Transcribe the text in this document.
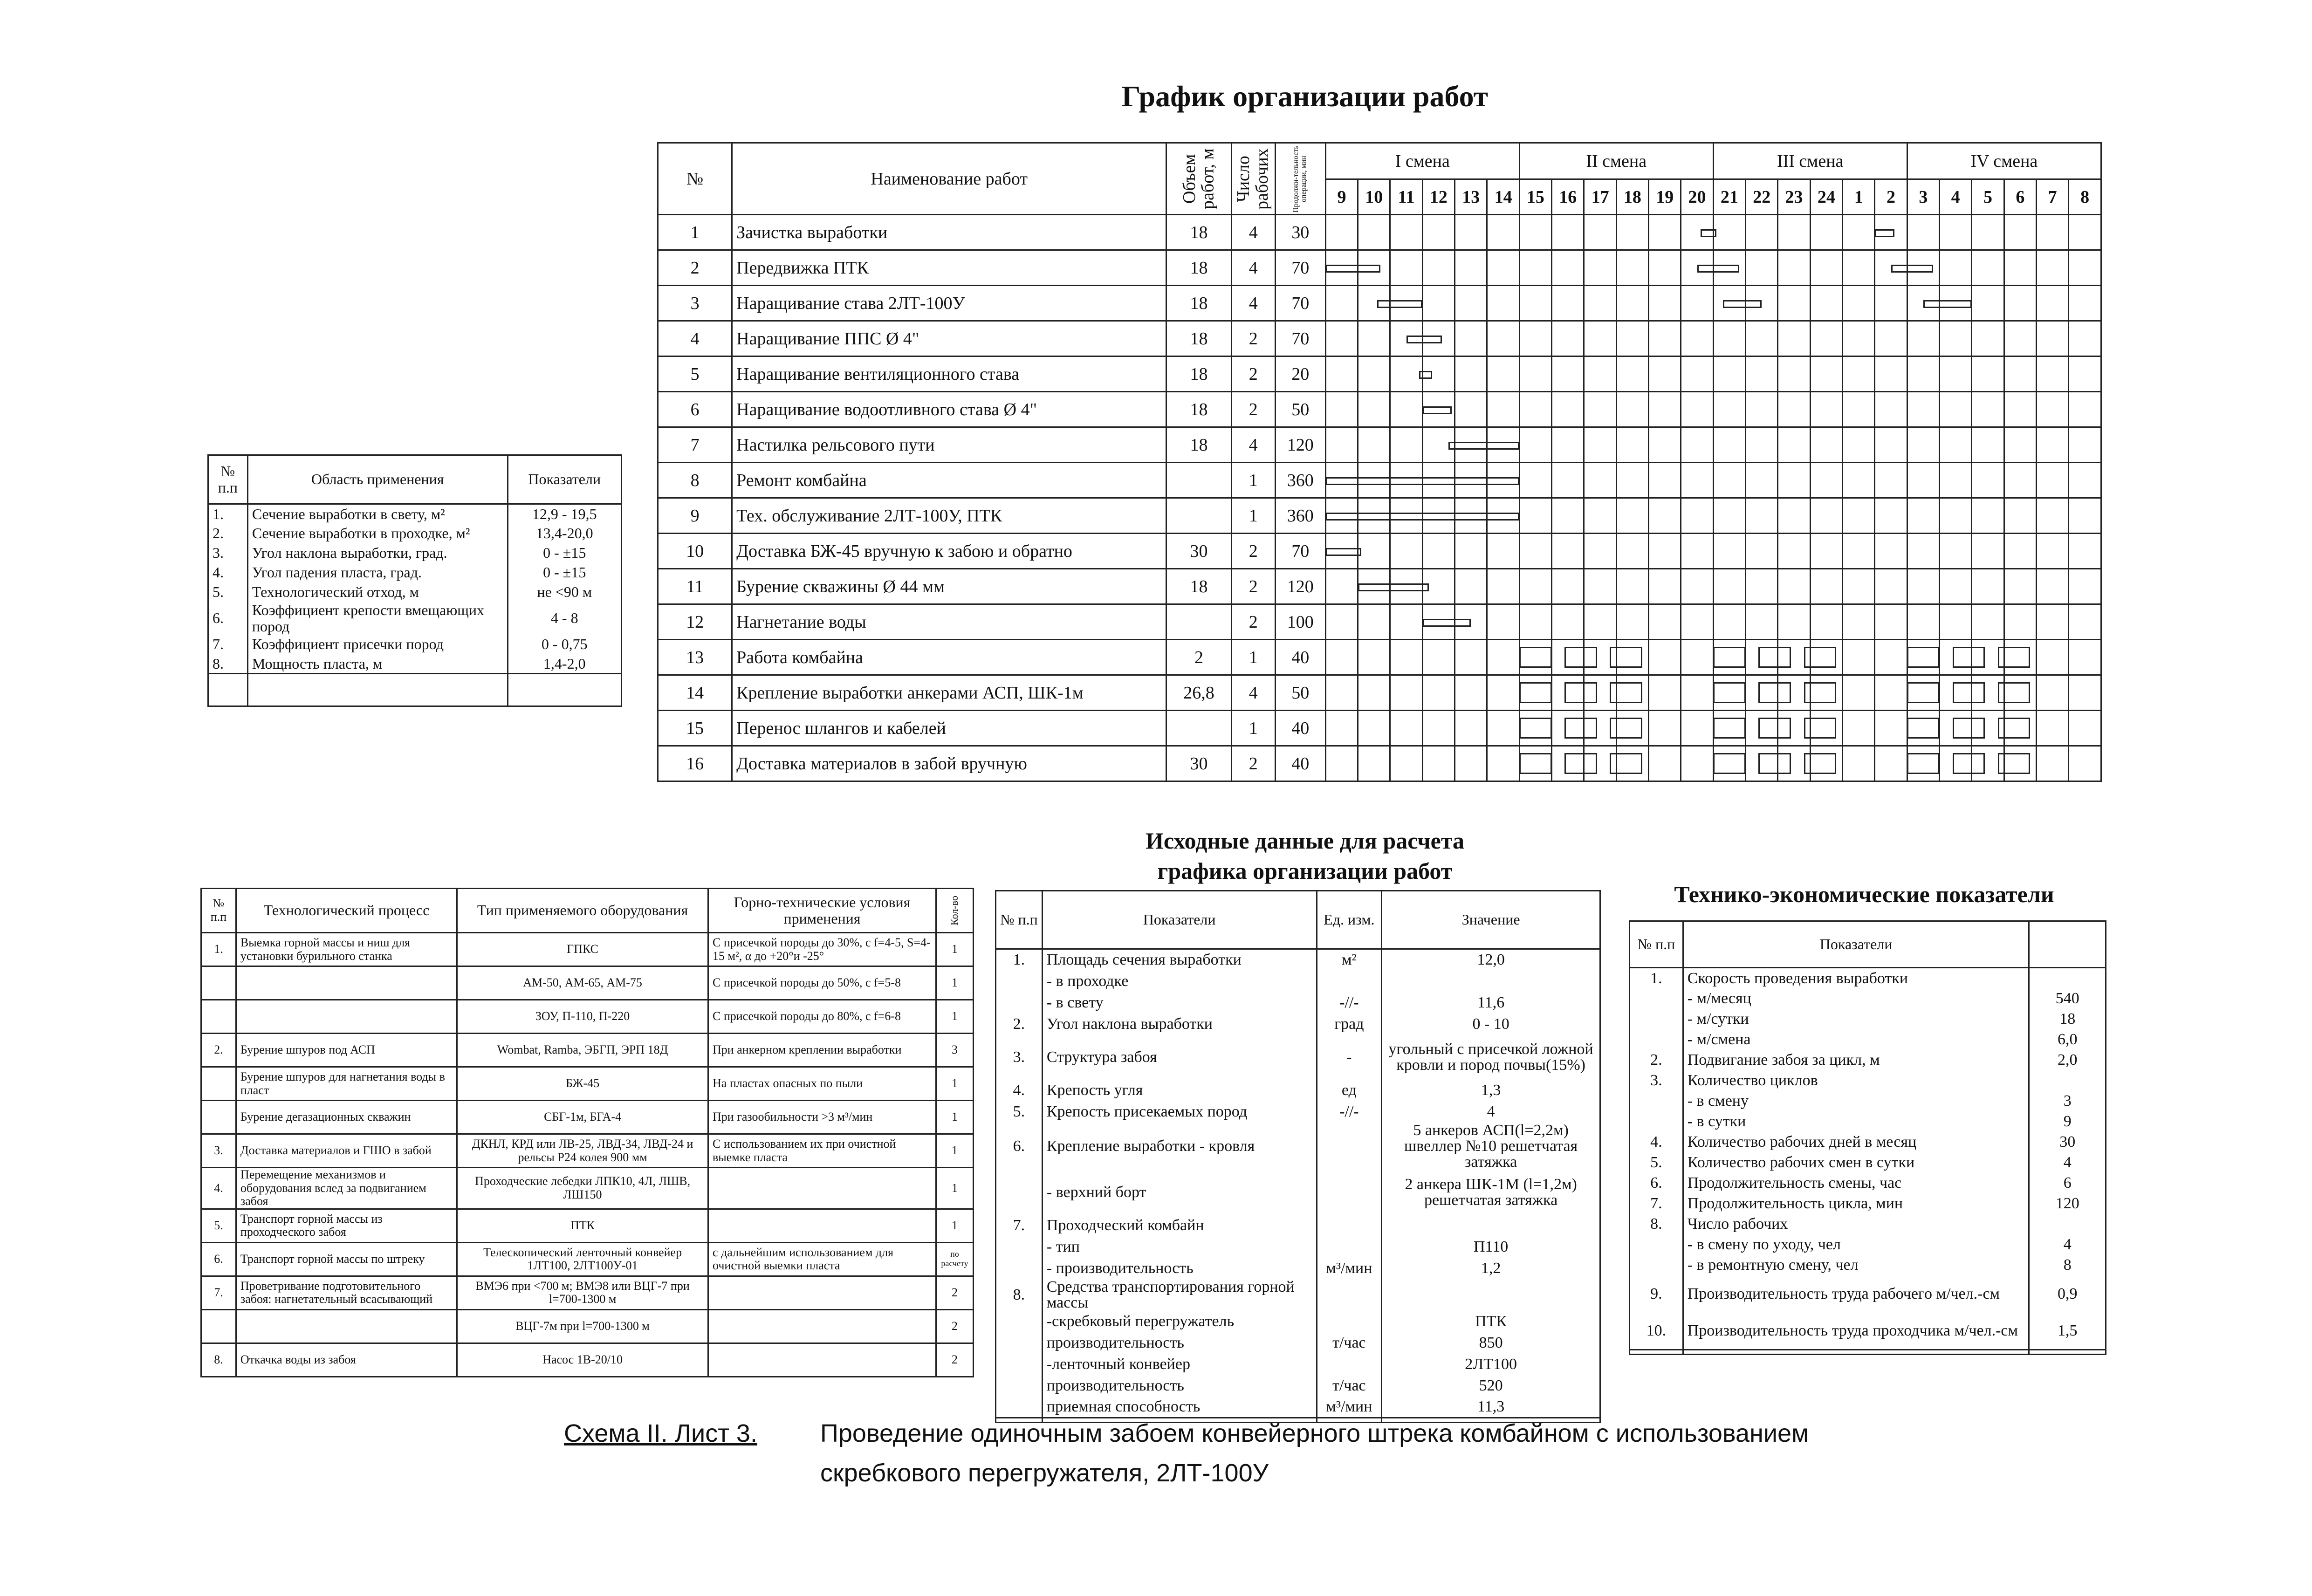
График организации работ
№	Наименование работ	Объем работ, м	Число рабочих	Продолжи-тельность операции, мин	I смена						II смена						III смена						IV смена					
					9	10	11	12	13	14	15	16	17	18	19	20	21	22	23	24	1	2	3	4	5	6	7	8
1	Зачистка выработки	18	4	30																								
2	Передвижка ПТК	18	4	70																								
3	Наращивание става 2ЛТ-100У	18	4	70																								
4	Наращивание ППС Ø 4"	18	2	70																								
5	Наращивание вентиляционного става	18	2	20																								
6	Наращивание водоотливного става Ø 4"	18	2	50																								
7	Настилка рельсового пути	18	4	120																								
8	Ремонт комбайна		1	360																								
9	Тех. обслуживание 2ЛТ-100У, ПТК		1	360																								
10	Доставка БЖ-45 вручную к забою и обратно	30	2	70																								
11	Бурение скважины Ø 44 мм	18	2	120																								
12	Нагнетание воды		2	100																								
13	Работа комбайна	2	1	40																								
14	Крепление выработки анкерами АСП, ШК-1м	26,8	4	50																								
15	Перенос шлангов и кабелей		1	40																								
16	Доставка материалов в забой вручную	30	2	40																								
№ п.п	Область применения	Показатели
1.	Сечение выработки в свету, м²	12,9 - 19,5
2.	Сечение выработки в проходке, м²	13,4-20,0
3.	Угол наклона выработки, град.	0 - ±15
4.	Угол падения пласта, град.	0 - ±15
5.	Технологический отход, м	не <90 м
6.	Коэффициент крепости вмещающих пород	4 - 8
7.	Коэффициент присечки пород	0 - 0,75
8.	Мощность пласта, м	1,4-2,0

Исходные данные для расчета
графика организации работ
№ п.п	Технологический процесс	Тип применяемого оборудования	Горно-технические условия применения	Кол-во
1.	Выемка горной массы и ниш для установки бурильного станка	ГПКС	С присечкой породы до 30%, с f=4-5, S=4-15 м², α до +20°и -25°	1
		АМ-50, АМ-65, АМ-75	С присечкой породы до 50%, с f=5-8	1
		ЗОУ, П-110, П-220	С присечкой породы до 80%, с f=6-8	1
2.	Бурение шпуров под АСП	Wombat, Ramba, ЭБГП, ЭРП 18Д	При анкерном креплении выработки	3
	Бурение шпуров для нагнетания воды в пласт	БЖ-45	На пластах опасных по пыли	1
	Бурение дегазационных скважин	СБГ-1м, БГА-4	При газообильности >3 м³/мин	1
3.	Доставка материалов и ГШО в забой	ДКНЛ, КРД или ЛВ-25, ЛВД-34, ЛВД-24 и рельсы Р24 колея 900 мм	С использованием их при очистной выемке пласта	1
4.	Перемещение механизмов и оборудования вслед за подвиганием забоя	Проходческие лебедки ЛПК10, 4Л, ЛШВ, ЛШ150		1
5.	Транспорт горной массы из проходческого забоя	ПТК		1
6.	Транспорт горной массы по штреку	Телескопический ленточный конвейер 1ЛТ100, 2ЛТ100У-01	с дальнейшим использованием для очистной выемки пласта	по расчету
7.	Проветривание подготовительного забоя: нагнетательный всасывающий	ВМЭ6 при <700 м; ВМЭ8 или ВЦГ-7 при l=700-1300 м		2
		ВЦГ-7м при l=700-1300 м		2
8.	Откачка воды из забоя	Насос 1В-20/10		2
№ п.п	Показатели	Ед. изм.	Значение
1.	Площадь сечения выработки	м²	12,0
	- в проходке		
	- в свету	-//-	11,6
2.	Угол наклона выработки	град	0 - 10
3.	Структура забоя	-	угольный с присечкой ложной кровли и пород почвы(15%)
4.	Крепость угля	ед	1,3
5.	Крепость присекаемых пород	-//-	4
6.	Крепление выработки - кровля		5 анкеров АСП(l=2,2м) швеллер №10 решетчатая затяжка
	- верхний борт		2 анкера ШК-1М (l=1,2м) решетчатая затяжка
7.	Проходческий комбайн		
	- тип		П110
	- производительность	м³/мин	1,2
8.	Средства транспортирования горной массы		
	-скребковый перегружатель		ПТК
	производительность	т/час	850
	-ленточный конвейер		2ЛТ100
	производительность	т/час	520
	приемная способность	м³/мин	11,3

Технико-экономические показатели
№ п.п	Показатели	
1.	Скорость проведения выработки	
	- м/месяц	540
	- м/сутки	18
	- м/смена	6,0
2.	Подвигание забоя за цикл, м	2,0
3.	Количество циклов	
	- в смену	3
	- в сутки	9
4.	Количество рабочих дней в месяц	30
5.	Количество рабочих смен в сутки	4
6.	Продолжительность смены, час	6
7.	Продолжительность цикла, мин	120
8.	Число рабочих	
	- в смену по уходу, чел	4
	- в ремонтную смену, чел	8
9.	Производительность труда рабочего м/чел.-см	0,9
10.	Производительность труда проходчика м/чел.-см	1,5

Схема II. Лист 3.	Проведение одиночным забоем конвейерного штрека комбайном с использованием
скребкового перегружателя, 2ЛТ-100У
